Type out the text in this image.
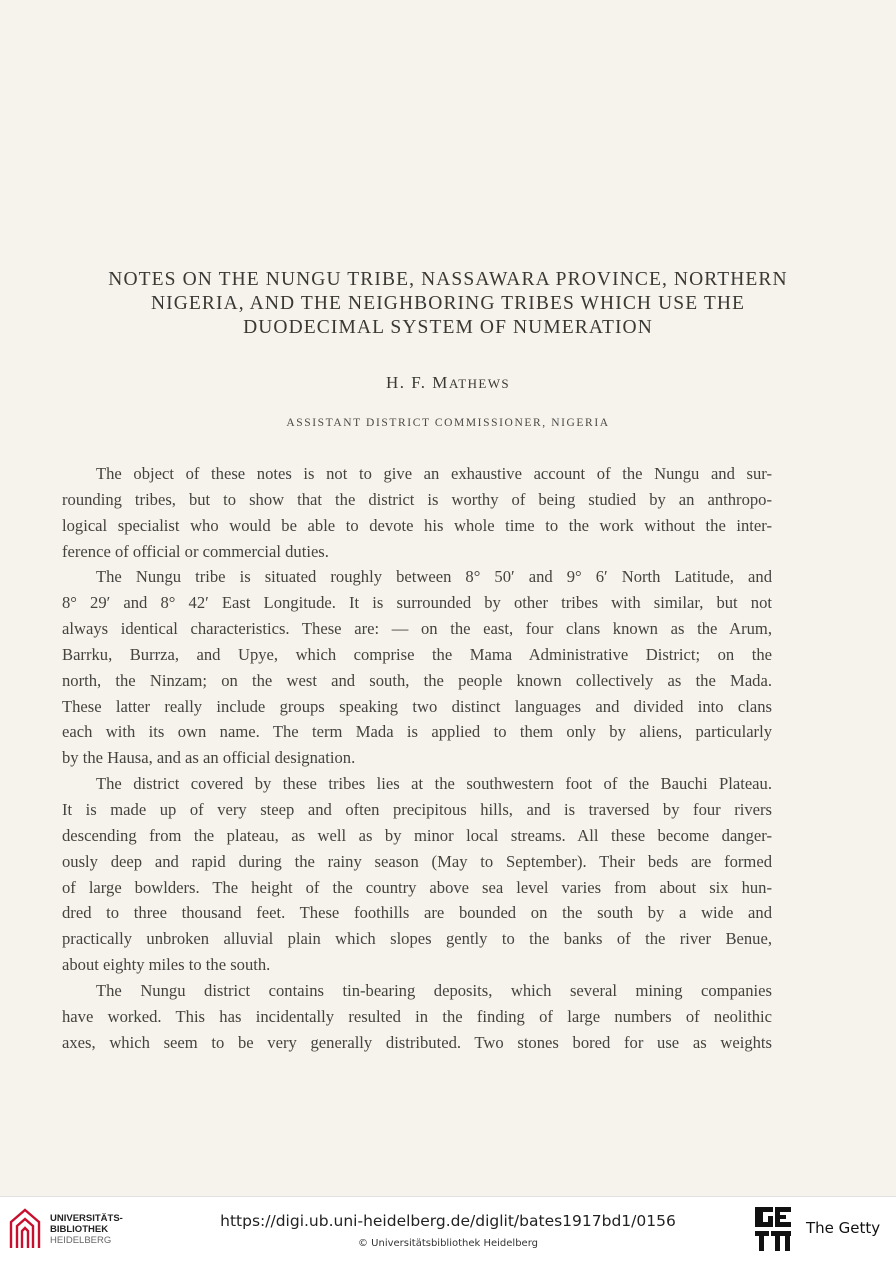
NOTES ON THE NUNGU TRIBE, NASSAWARA PROVINCE, NORTHERN
NIGERIA, AND THE NEIGHBORING TRIBES WHICH USE THE
DUODECIMAL SYSTEM OF NUMERATION
H. F. MATHEWS
ASSISTANT DISTRICT COMMISSIONER, NIGERIA
The object of these notes is not to give an exhaustive account of the Nungu and sur-
rounding tribes, but to show that the district is worthy of being studied by an anthropo-
logical specialist who would be able to devote his whole time to the work without the inter-
ference of official or commercial duties.
The Nungu tribe is situated roughly between 8° 50′ and 9° 6′ North Latitude, and
8° 29′ and 8° 42′ East Longitude. It is surrounded by other tribes with similar, but not
always identical characteristics. These are: — on the east, four clans known as the Arum,
Barrku, Burrza, and Upye, which comprise the Mama Administrative District; on the
north, the Ninzam; on the west and south, the people known collectively as the Mada.
These latter really include groups speaking two distinct languages and divided into clans
each with its own name. The term Mada is applied to them only by aliens, particularly
by the Hausa, and as an official designation.
The district covered by these tribes lies at the southwestern foot of the Bauchi Plateau.
It is made up of very steep and often precipitous hills, and is traversed by four rivers
descending from the plateau, as well as by minor local streams. All these become danger-
ously deep and rapid during the rainy season (May to September). Their beds are formed
of large bowlders. The height of the country above sea level varies from about six hun-
dred to three thousand feet. These foothills are bounded on the south by a wide and
practically unbroken alluvial plain which slopes gently to the banks of the river Benue,
about eighty miles to the south.
The Nungu district contains tin-bearing deposits, which several mining companies
have worked. This has incidentally resulted in the finding of large numbers of neolithic
axes, which seem to be very generally distributed. Two stones bored for use as weights
UNIVERSITÄTS-
BIBLIOTHEK
HEIDELBERG
https://digi.ub.uni-heidelberg.de/diglit/bates1917bd1/0156
© Universitätsbibliothek Heidelberg
The Getty
